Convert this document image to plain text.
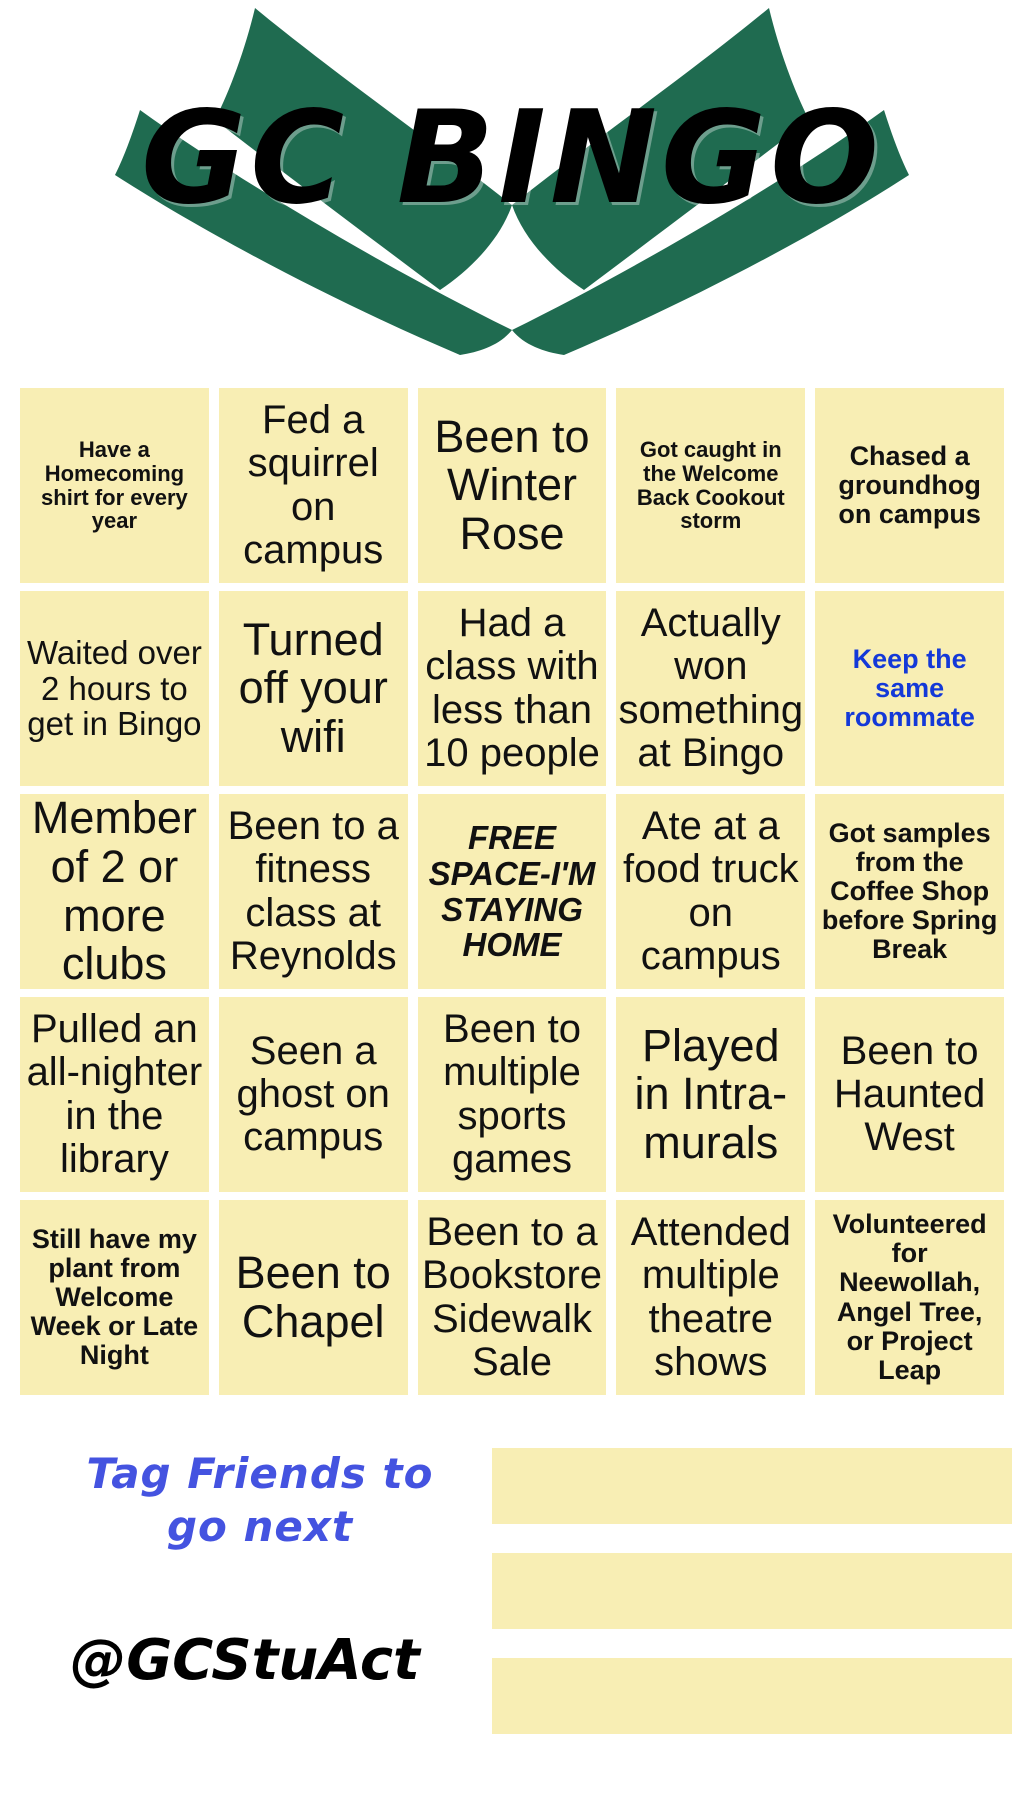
GC BINGO
Have a Homecoming shirt for every year
Fed a squirrel on campus
Been to Winter Rose
Got caught in the Welcome Back Cookout storm
Chased a groundhog on campus
Waited over 2 hours to get in Bingo
Turned off your wifi
Had a class with less than 10 people
Actually won something at Bingo
Keep the same roommate
Member of 2 or more clubs
Been to a fitness class at Reynolds
FREE SPACE-I'M STAYING HOME
Ate at a food truck on campus
Got samples from the Coffee Shop before Spring Break
Pulled an all-nighter in the library
Seen a ghost on campus
Been to multiple sports games
Played in Intra-murals
Been to Haunted West
Still have my plant from Welcome Week or Late Night
Been to Chapel
Been to a Bookstore Sidewalk Sale
Attended multiple theatre shows
Volunteered for Neewollah, Angel Tree, or Project Leap
Tag Friends to go next
@GCStuAct
